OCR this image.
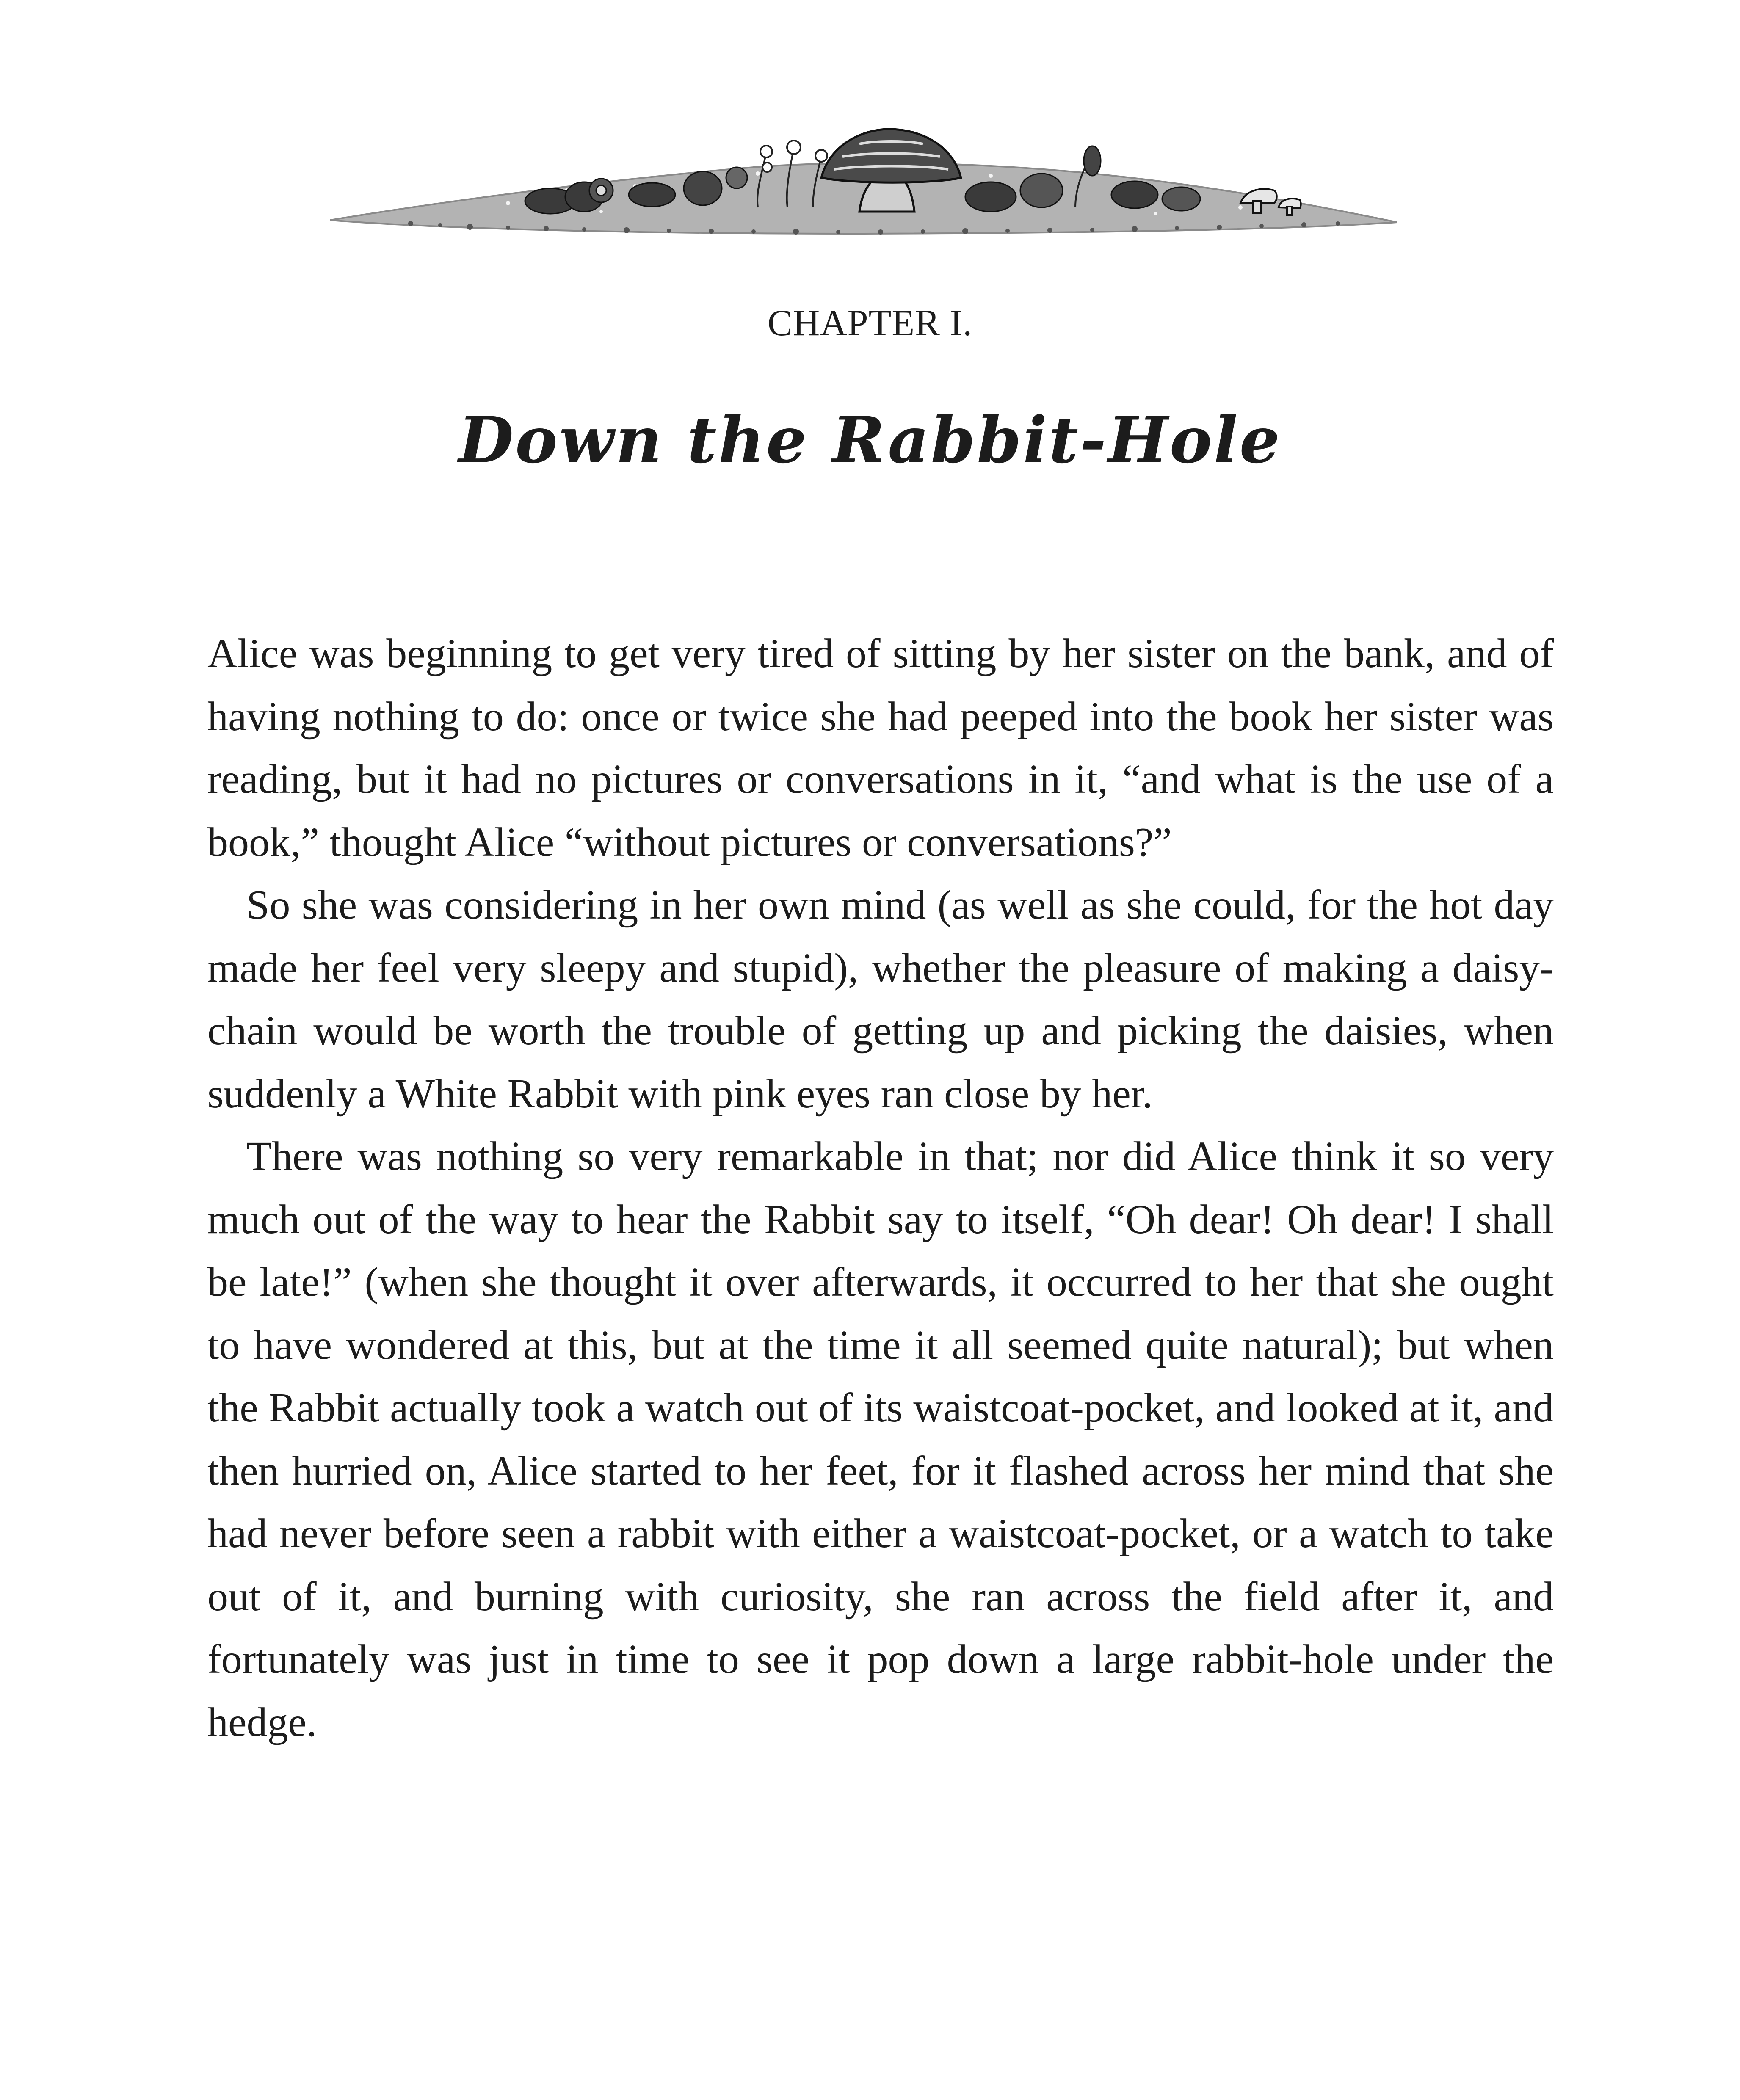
CHAPTER I.
Down the Rabbit-Hole

Alice was beginning to get very tired of sitting by her sister on the bank, and of having nothing to do: once or twice she had peeped into the book her sister was reading, but it had no pictures or conversations in it, “and what is the use of a book,” thought Alice “without pictures or conversations?”

So she was considering in her own mind (as well as she could, for the hot day made her feel very sleepy and stupid), whether the pleasure of making a daisy-chain would be worth the trouble of getting up and picking the daisies, when suddenly a White Rabbit with pink eyes ran close by her.

There was nothing so very remarkable in that; nor did Alice think it so very much out of the way to hear the Rabbit say to itself, “Oh dear! Oh dear! I shall be late!” (when she thought it over afterwards, it occurred to her that she ought to have wondered at this, but at the time it all seemed quite natural); but when the Rabbit actually took a watch out of its waistcoat-pocket, and looked at it, and then hurried on, Alice started to her feet, for it flashed across her mind that she had never before seen a rabbit with either a waistcoat-pocket, or a watch to take out of it, and burning with curiosity, she ran across the field after it, and fortunately was just in time to see it pop down a large rabbit-hole under the hedge.
